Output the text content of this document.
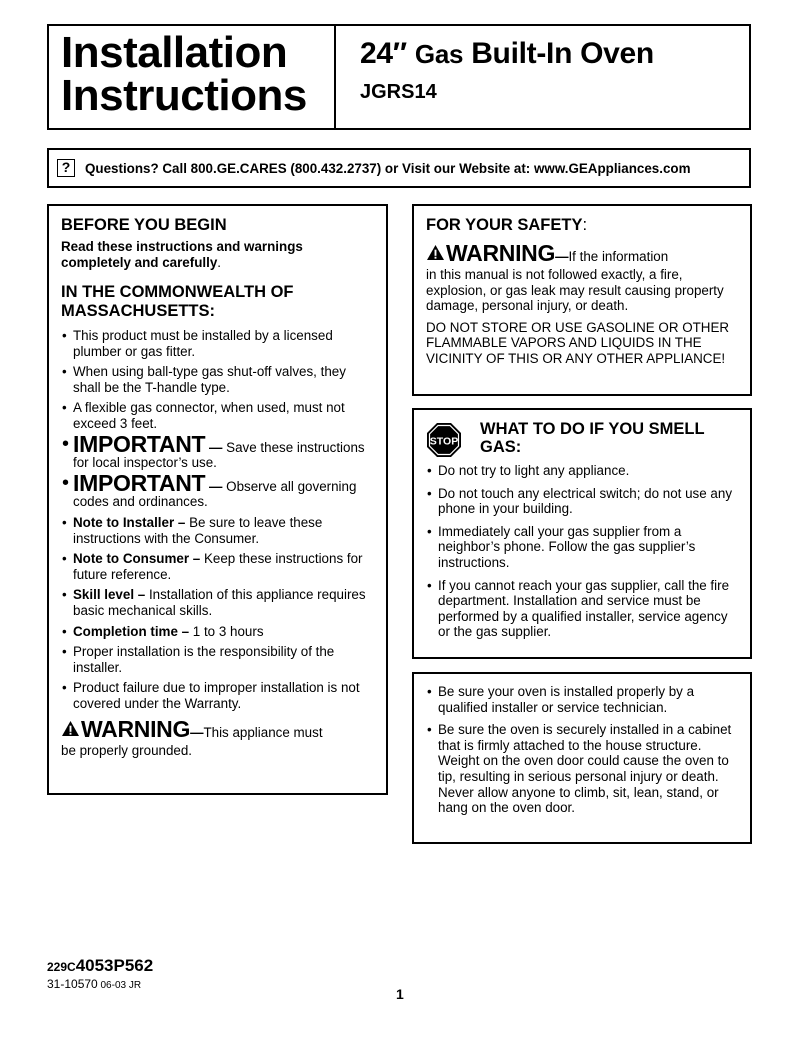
Installation
Instructions
24″ Gas Built-In Oven
JGRS14
?	Questions? Call 800.GE.CARES (800.432.2737) or Visit our Website at: www.GEAppliances.com
BEFORE YOU BEGIN
Read these instructions and warnings completely and carefully.
IN THE COMMONWEALTH OF MASSACHUSETTS:
• This product must be installed by a licensed plumber or gas fitter.
• When using ball-type gas shut-off valves, they shall be the T-handle type.
• A flexible gas connector, when used, must not exceed 3 feet.
• IMPORTANT — Save these instructions for local inspector’s use.
• IMPORTANT — Observe all governing codes and ordinances.
• Note to Installer – Be sure to leave these instructions with the Consumer.
• Note to Consumer – Keep these instructions for future reference.
• Skill level – Installation of this appliance requires basic mechanical skills.
• Completion time – 1 to 3 hours
• Proper installation is the responsibility of the installer.
• Product failure due to improper installation is not covered under the Warranty.
WARNING — This appliance must
be properly grounded.
FOR YOUR SAFETY:
WARNING — If the information
in this manual is not followed exactly, a fire, explosion, or gas leak may result causing property damage, personal injury, or death.
DO NOT STORE OR USE GASOLINE OR OTHER FLAMMABLE VAPORS AND LIQUIDS IN THE VICINITY OF THIS OR ANY OTHER APPLIANCE!
STOP
WHAT TO DO IF YOU SMELL GAS:
• Do not try to light any appliance.
• Do not touch any electrical switch; do not use any phone in your building.
• Immediately call your gas supplier from a neighbor’s phone. Follow the gas supplier’s instructions.
• If you cannot reach your gas supplier, call the fire department. Installation and service must be performed by a qualified installer, service agency or the gas supplier.
• Be sure your oven is installed properly by a qualified installer or service technician.
• Be sure the oven is securely installed in a cabinet that is firmly attached to the house structure. Weight on the oven door could cause the oven to tip, resulting in serious personal injury or death. Never allow anyone to climb, sit, lean, stand, or hang on the oven door.
229C4053P562
31-10570 06-03 JR
1
